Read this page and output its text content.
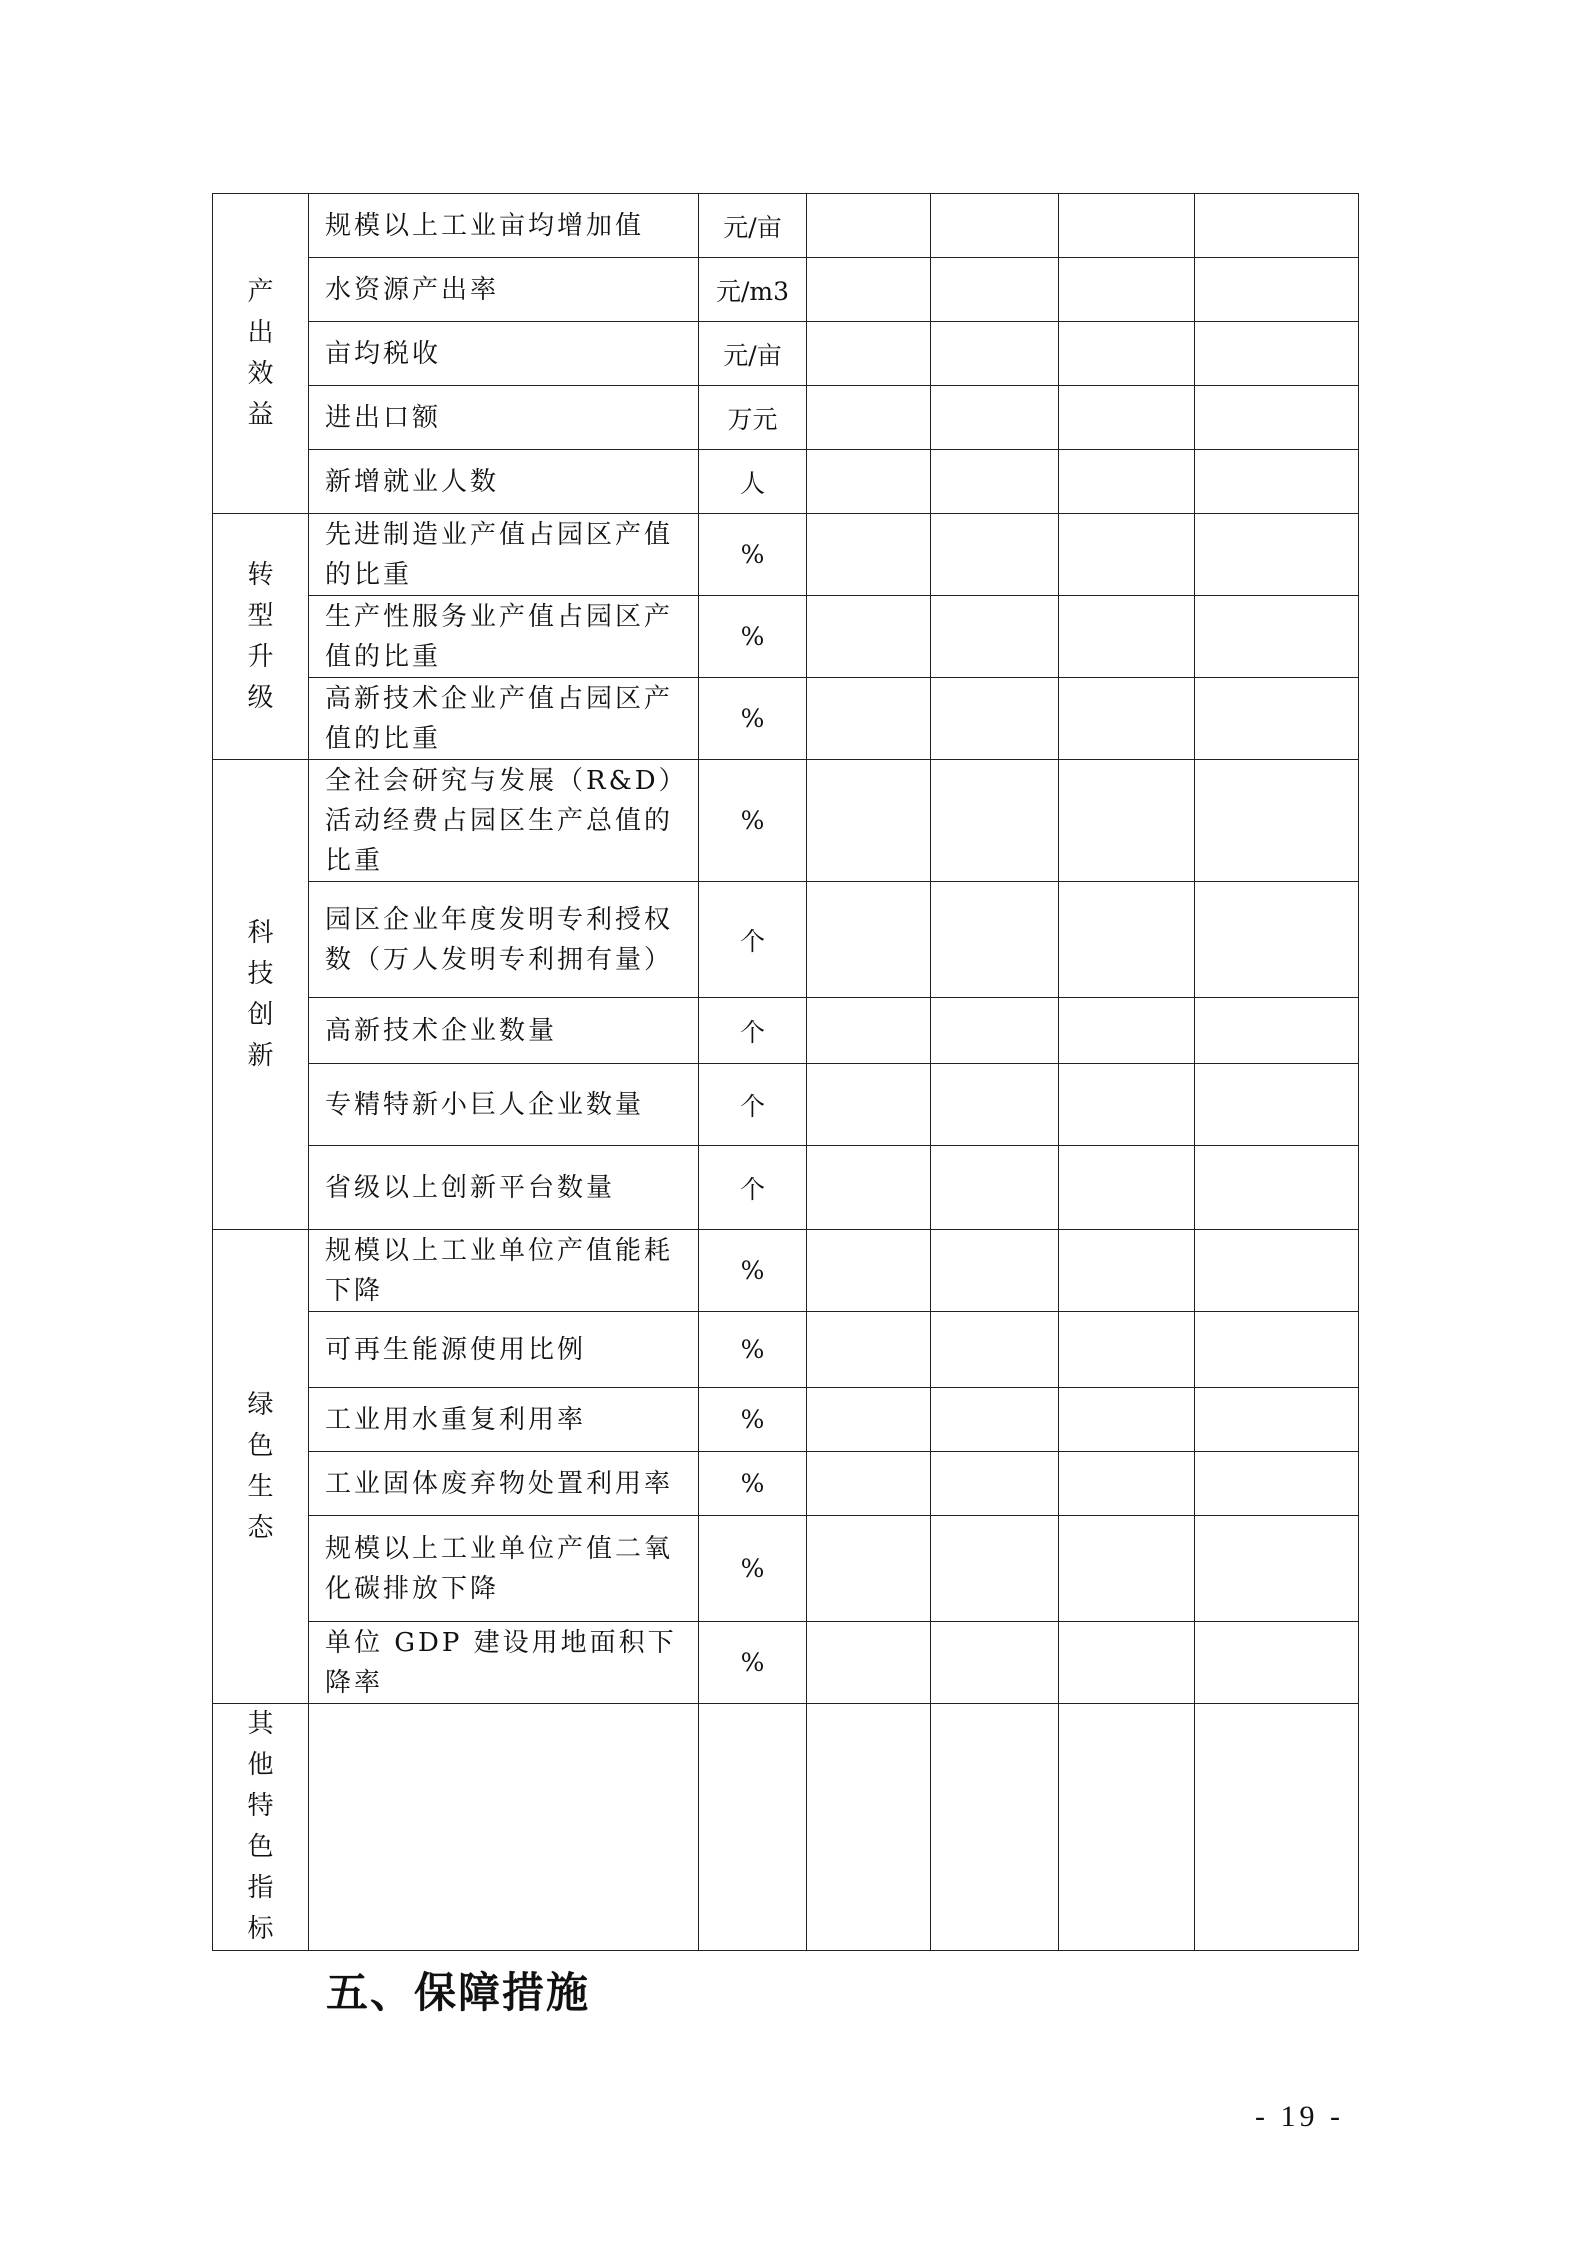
产出效益	规模以上工业亩均增加值	元/亩				
	水资源产出率	元/m3				
	亩均税收	元/亩				
	进出口额	万元				
	新增就业人数	人				
转型升级	先进制造业产值占园区产值的比重	%				
	生产性服务业产值占园区产值的比重	%				
	高新技术企业产值占园区产值的比重	%				
科技创新	全社会研究与发展（R&D）活动经费占园区生产总值的比重	%				
	园区企业年度发明专利授权数（万人发明专利拥有量）	个				
	高新技术企业数量	个				
	专精特新小巨人企业数量	个				
	省级以上创新平台数量	个				
绿色生态	规模以上工业单位产值能耗下降	%				
	可再生能源使用比例	%				
	工业用水重复利用率	%				
	工业固体废弃物处置利用率	%				
	规模以上工业单位产值二氧化碳排放下降	%				
	单位 GDP 建设用地面积下降率	%				
其他特色指标						
五、保障措施

- 19 -
